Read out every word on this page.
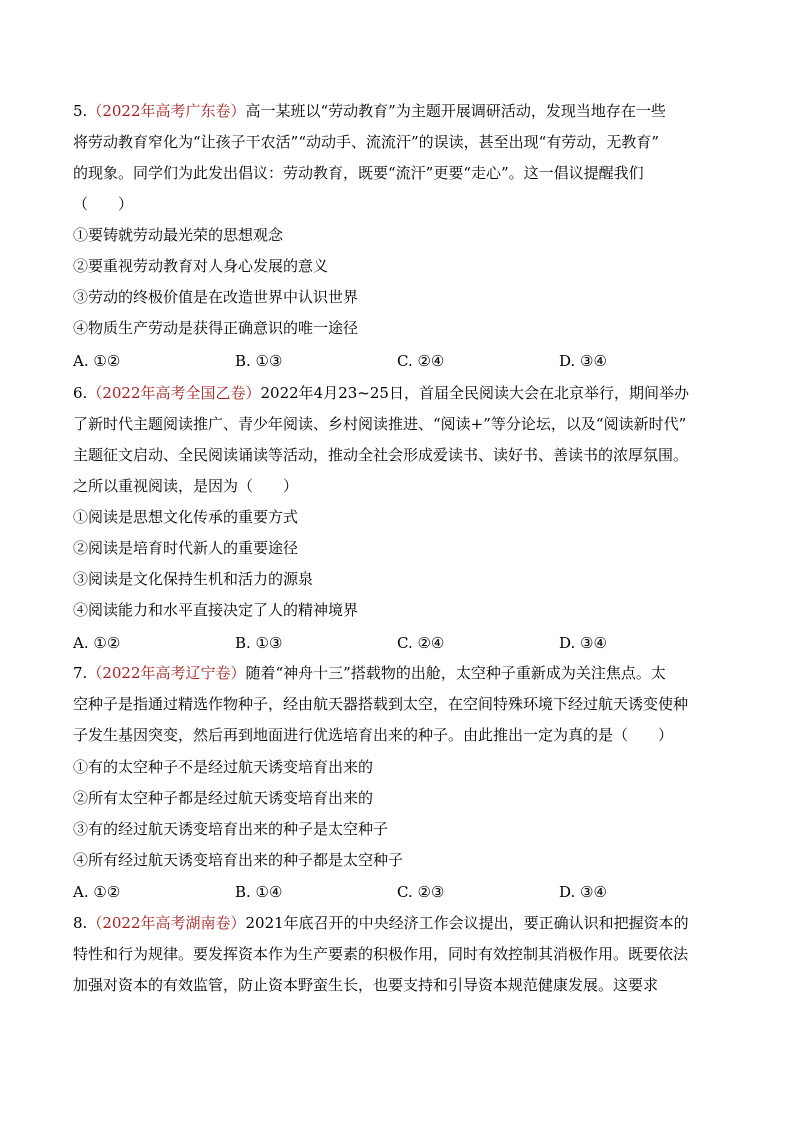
5.（2022年高考广东卷）高一某班以“劳动教育”为主题开展调研活动，发现当地存在一些
将劳动教育窄化为“让孩子干农活”“动动手、流流汗”的误读，甚至出现“有劳动，无教育”
的现象。同学们为此发出倡议：劳动教育，既要“流汗”更要“走心”。这一倡议提醒我们
（　　）
①要铸就劳动最光荣的思想观念
②要重视劳动教育对人身心发展的意义
③劳动的终极价值是在改造世界中认识世界
④物质生产劳动是获得正确意识的唯一途径
A. ①②	B. ①③	C. ②④	D. ③④
6.（2022年高考全国乙卷）2022年4月23~25日，首届全民阅读大会在北京举行，期间举办
了新时代主题阅读推广、青少年阅读、乡村阅读推进、“阅读+”等分论坛，以及“阅读新时代”
主题征文启动、全民阅读诵读等活动，推动全社会形成爱读书、读好书、善读书的浓厚氛围。
之所以重视阅读，是因为（　　）
①阅读是思想文化传承的重要方式
②阅读是培育时代新人的重要途径
③阅读是文化保持生机和活力的源泉
④阅读能力和水平直接决定了人的精神境界
A. ①②	B. ①③	C. ②④	D. ③④
7.（2022年高考辽宁卷）随着“神舟十三”搭载物的出舱，太空种子重新成为关注焦点。太
空种子是指通过精选作物种子，经由航天器搭载到太空，在空间特殊环境下经过航天诱变使种
子发生基因突变，然后再到地面进行优选培育出来的种子。由此推出一定为真的是（　　）
①有的太空种子不是经过航天诱变培育出来的
②所有太空种子都是经过航天诱变培育出来的
③有的经过航天诱变培育出来的种子是太空种子
④所有经过航天诱变培育出来的种子都是太空种子
A. ①②	B. ①④	C. ②③	D. ③④
8.（2022年高考湖南卷）2021年底召开的中央经济工作会议提出，要正确认识和把握资本的
特性和行为规律。要发挥资本作为生产要素的积极作用，同时有效控制其消极作用。既要依法
加强对资本的有效监管，防止资本野蛮生长，也要支持和引导资本规范健康发展。这要求
